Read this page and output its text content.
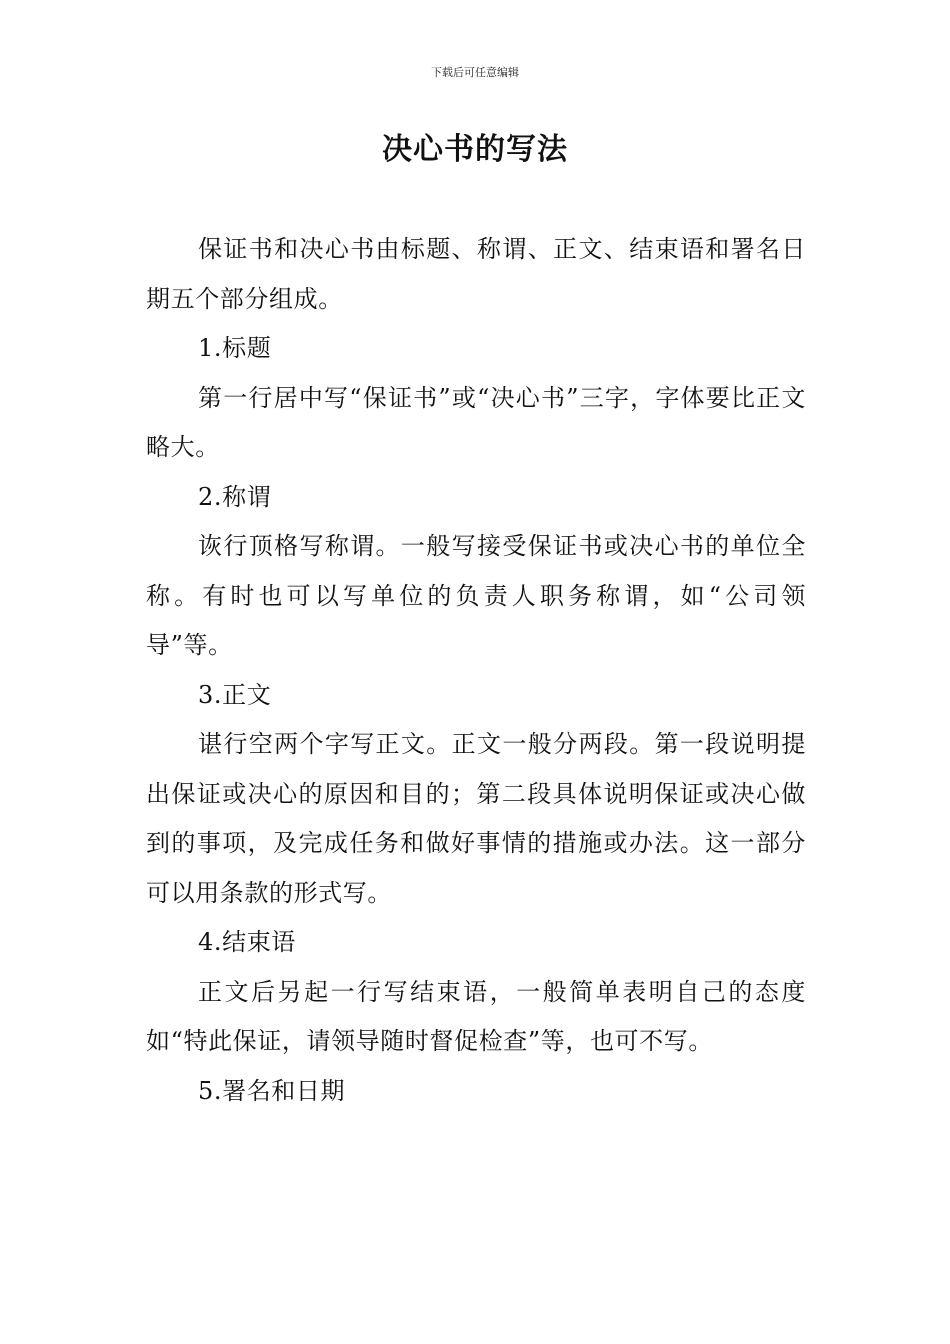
下载后可任意编辑
决心书的写法

保证书和决心书由标题、称谓、正文、结束语和署名日期五个部分组成。

1.标题

第一行居中写“保证书”或“决心书”三字，字体要比正文略大。

2.称谓

诙行顶格写称谓。一般写接受保证书或决心书的单位全称。有时也可以写单位的负责人职务称谓，如“公司领导”等。

3.正文

谌行空两个字写正文。正文一般分两段。第一段说明提出保证或决心的原因和目的；第二段具体说明保证或决心做到的事项，及完成任务和做好事情的措施或办法。这一部分可以用条款的形式写。

4.结束语

正文后另起一行写结束语，一般简单表明自己的态度如“特此保证，请领导随时督促检查”等，也可不写。

5.署名和日期
